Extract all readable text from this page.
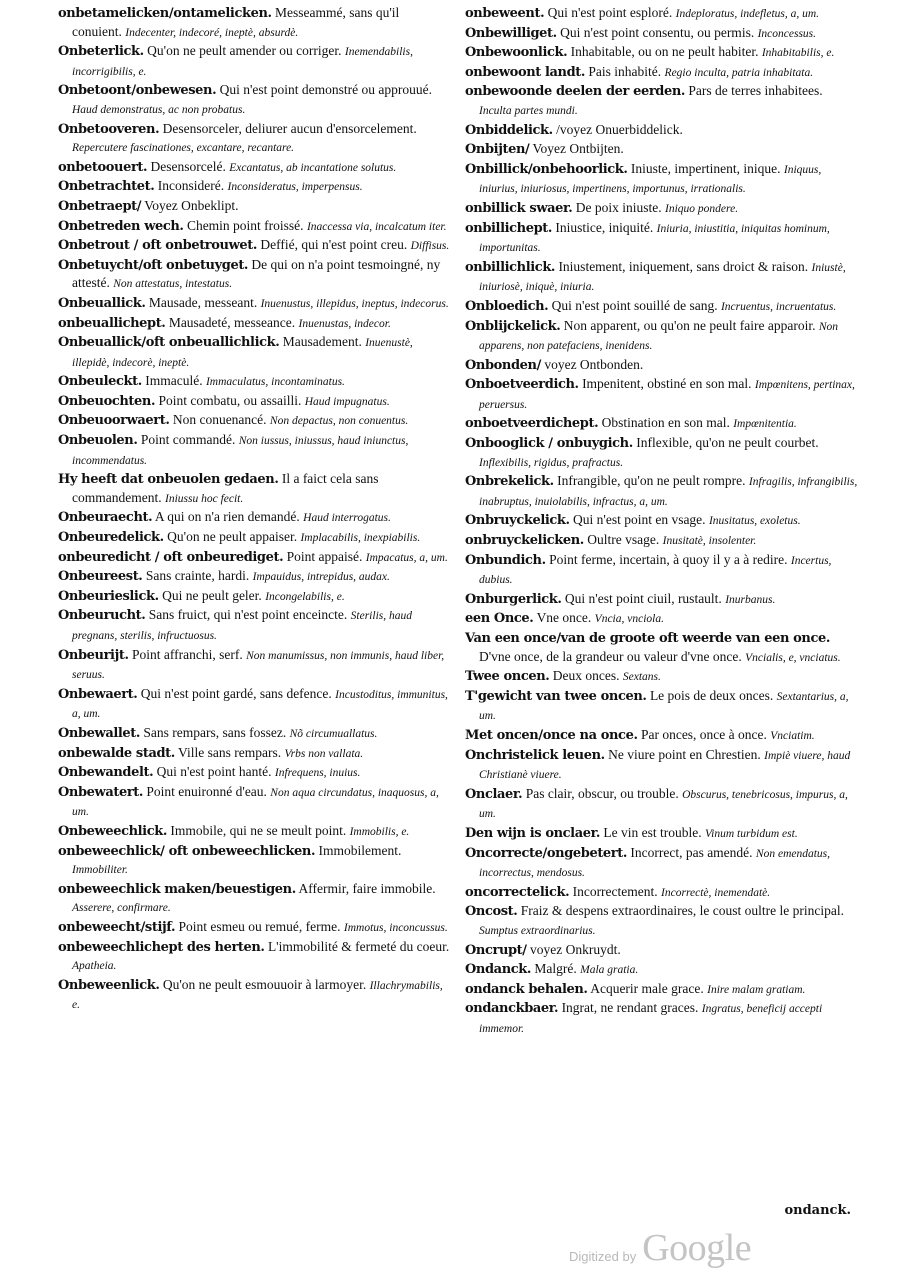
onbetamelicken/ontamelicken. Messeammé, sans qu'il conuient. Indecenter, indecoré, ineptè, absurdè.

Onbeterlick. Qu'on ne peult amender ou corriger. Inemendabilis, incorrigibilis, e.

Onbetoont/onbewesen. Qui n'est point demonstré ou approuué. Haud demonstratus, ac non probatus.

Onbetooveren. Desensorceler, deliurer aucun d'ensorcelement. Repercutere fascinationes, excantare, recantare.

onbetoouert. Desensorcelé. Excantatus, ab incantatione solutus.

Onbetrachtet. Inconsideré. Inconsideratus, imperpensus.

Onbetraept/ Voyez Onbeklipt.

Onbetreden wech. Chemin point froissé. Inaccessa via, incalcatum iter.

Onbetrout / oft onbetrouwet. Deffié, qui n'est point creu. Diffisus.

Onbetuycht/oft onbetuyget. De qui on n'a point tesmoingné, ny attesté. Non attestatus, intestatus.

Onbeuallick. Mausade, messeant. Inuenustus, illepidus, ineptus, indecorus.

onbeuallichept. Mausadeté, messeance. Inuenustas, indecor.

Onbeuallick/oft onbeuallichlick. Mausadement. Inuenustè, illepidè, indecorè, ineptè.

Onbeuleckt. Immaculé. Immaculatus, incontaminatus.

Onbeuochten. Point combatu, ou assailli. Haud impugnatus.

Onbeuoorwaert. Non conuenancé. Non depactus, non conuentus.

Onbeuolen. Point commandé. Non iussus, iniussus, haud iniunctus, incommendatus.

Hy heeft dat onbeuolen gedaen. Il a faict cela sans commandement. Iniussu hoc fecit.

Onbeuraecht. A qui on n'a rien demandé. Haud interrogatus.

Onbeuredelick. Qu'on ne peult appaiser. Implacabilis, inexpiabilis.

onbeuredicht / oft onbeurediget. Point appaisé. Impacatus, a, um.

Onbeureest. Sans crainte, hardi. Impauidus, intrepidus, audax.

Onbeurieslick. Qui ne peult geler. Incongelabilis, e.

Onbeurucht. Sans fruict, qui n'est point enceincte. Sterilis, haud pregnans, sterilis, infructuosus.

Onbeurijt. Point affranchi, serf. Non manumissus, non immunis, haud liber, seruus.

Onbewaert. Qui n'est point gardé, sans defence. Incustoditus, immunitus, a, um.

Onbewallet. Sans rempars, sans fossez. Nõ circumuallatus.

onbewalde stadt. Ville sans rempars. Vrbs non vallata.

Onbewandelt. Qui n'est point hanté. Infrequens, inuius.

Onbewatert. Point enuironné d'eau. Non aqua circundatus, inaquosus, a, um.

Onbeweechlick. Immobile, qui ne se meult point. Immobilis, e.

onbeweechlick/ oft onbeweechlicken. Immobilement. Immobiliter.

onbeweechlick maken/beuestigen. Affermir, faire immobile. Asserere, confirmare.

onbeweecht/stijf. Point esmeu ou remué, ferme. Immotus, inconcussus.

onbeweechlichept des herten. L'immobilité & fermeté du coeur. Apatheia.

Onbeweenlick. Qu'on ne peult esmouuoir à larmoyer. Illachrymabilis, e.

onbeweent. Qui n'est point esploré. Indeploratus, indefletus, a, um.

Onbewilliget. Qui n'est point consentu, ou permis. Inconcessus.

Onbewoonlick. Inhabitable, ou on ne peult habiter. Inhabitabilis, e.

onbewoont landt. Pais inhabité. Regio inculta, patria inhabitata.

onbewoonde deelen der eerden. Pars de terres inhabitees. Inculta partes mundi.

Onbiddelick. /voyez Onuerbiddelick.

Onbijten/ Voyez Ontbijten.

Onbillick/onbehoorlick. Iniuste, impertinent, inique. Iniquus, iniurius, iniuriosus, impertinens, importunus, irrationalis.

onbillick swaer. De poix iniuste. Iniquo pondere.

onbillichept. Iniustice, iniquité. Iniuria, iniustitia, iniquitas hominum, importunitas.

onbillichlick. Iniustement, iniquement, sans droict & raison. Iniustè, iniuriosè, iniquè, iniuria.

Onbloedich. Qui n'est point souillé de sang. Incruentus, incruentatus.

Onblijckelick. Non apparent, ou qu'on ne peult faire apparoir. Non apparens, non patefaciens, inenidens.

Onbonden/ voyez Ontbonden.

Onboetveerdich. Impenitent, obstiné en son mal. Impœnitens, pertinax, peruersus.

onboetveerdichept. Obstination en son mal. Impœnitentia.

Onbooglick / onbuygich. Inflexible, qu'on ne peult courbet. Inflexibilis, rigidus, prafractus.

Onbrekelick. Infrangible, qu'on ne peult rompre. Infragilis, infrangibilis, inabruptus, inuiolabilis, infractus, a, um.

Onbruyckelick. Qui n'est point en vsage. Inusitatus, exoletus.

onbruyckelicken. Oultre vsage. Inusitatè, insolenter.

Onbundich. Point ferme, incertain, à quoy il y a à redire. Incertus, dubius.

Onburgerlick. Qui n'est point ciuil, rustault. Inurbanus.

een Once. Vne once. Vncia, vnciola.

Van een once/van de groote oft weerde van een once. D'vne once, de la grandeur ou valeur d'vne once. Vncialis, e, vnciatus.

Twee oncen. Deux onces. Sextans.

T'gewicht van twee oncen. Le pois de deux onces. Sextantarius, a, um.

Met oncen/once na once. Par onces, once à once. Vnciatim.

Onchristelick leuen. Ne viure point en Chrestien. Impiè viuere, haud Christianè viuere.

Onclaer. Pas clair, obscur, ou trouble. Obscurus, tenebricosus, impurus, a, um.

Den wijn is onclaer. Le vin est trouble. Vinum turbidum est.

Oncorrecte/ongebetert. Incorrect, pas amendé. Non emendatus, incorrectus, mendosus.

oncorrectelick. Incorrectement. Incorrectè, inemendatè.

Oncost. Fraiz & despens extraordinaires, le coust oultre le principal. Sumptus extraordinarius.

Oncrupt/ voyez Onkruydt.

Ondanck. Malgré. Mala gratia.

ondanck behalen. Acquerir male grace. Inire malam gratiam.

ondanckbaer. Ingrat, ne rendant graces. Ingratus, beneficij accepti immemor.

ondanck.
Digitized by Google
